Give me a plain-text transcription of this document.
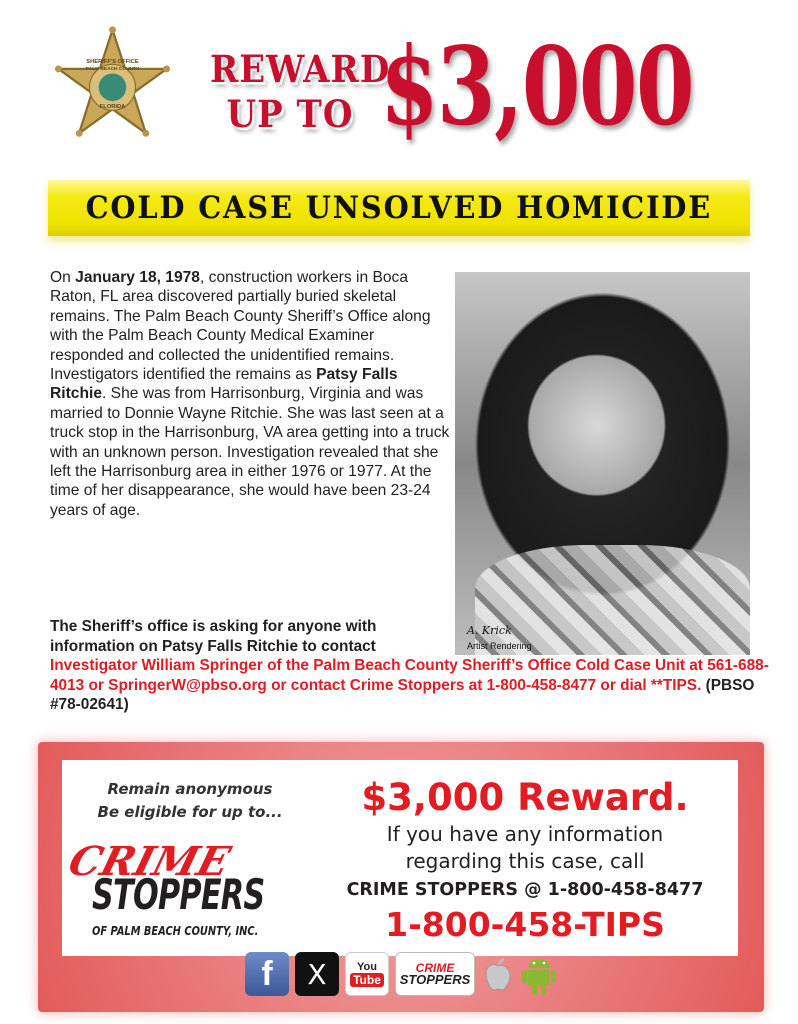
SHERIFF'S OFFICE
PALM BEACH COUNTY
FLORIDA
REWARD
UP TO $3,000
COLD CASE UNSOLVED HOMICIDE
On January 18, 1978, construction workers in Boca Raton, FL area discovered partially buried skeletal remains. The Palm Beach County Sheriff’s Office along with the Palm Beach County Medical Examiner responded and collected the unidentified remains. Investigators identified the remains as Patsy Falls Ritchie. She was from Harrisonburg, Virginia and was married to Donnie Wayne Ritchie. She was last seen at a truck stop in the Harrisonburg, VA area getting into a truck with an unknown person. Investigation revealed that she left the Harrisonburg area in either 1976 or 1977. At the time of her disappearance, she would have been 23-24 years of age.
A. Krick
Artist Rendering
The Sheriff’s office is asking for anyone with information on Patsy Falls Ritchie to contact
Investigator William Springer of the Palm Beach County Sheriff’s Office Cold Case Unit at 561-688-4013 or SpringerW@pbso.org or contact Crime Stoppers at 1-800-458-8477 or dial **TIPS. (PBSO #78-02641)
Remain anonymous
Be eligible for up to...
CRIME
STOPPERS
OF PALM BEACH COUNTY, INC.
$3,000 Reward.
If you have any information
regarding this case, call
CRIME STOPPERS @ 1-800-458-8477
1-800-458-TIPS
f X	You
Tube
CRIME
STOPPERS
